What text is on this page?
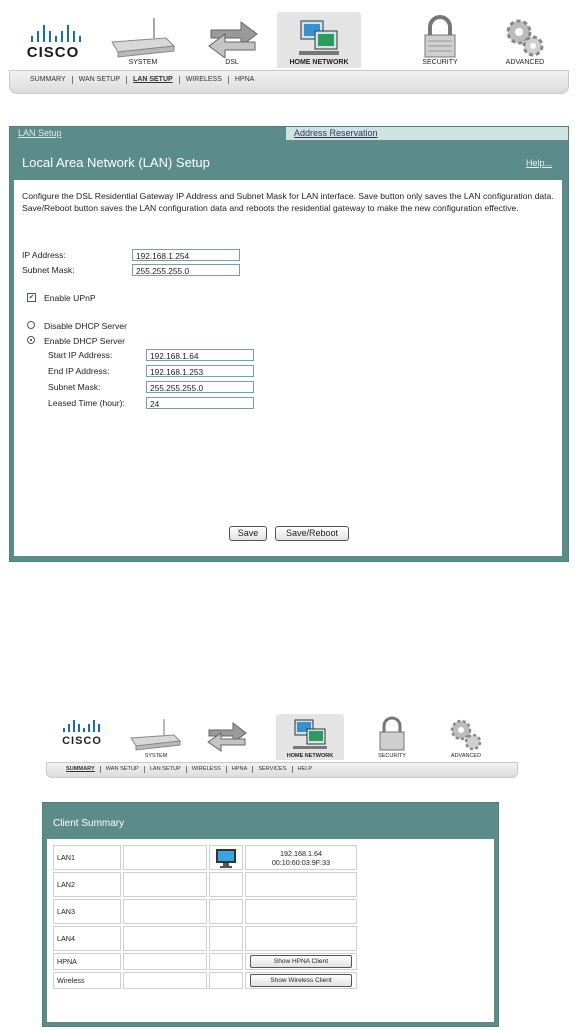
CISCO
SYSTEM	DSL	HOME NETWORK	SECURITY	ADVANCED
SUMMARY	WAN SETUP	LAN SETUP	WIRELESS	HPNA
LAN Setup	Address Reservation
Local Area Network (LAN) Setup	Help...
Configure the DSL Residential Gateway IP Address and Subnet Mask for LAN interface. Save button only saves the LAN configuration data. Save/Reboot button saves the LAN configuration data and reboots the residential gateway to make the new configuration effective.
IP Address:	192.168.1.254
Subnet Mask:	255.255.255.0
✔ Enable UPnP
Disable DHCP Server
Enable DHCP Server
Start IP Address:	192.168.1.64
End IP Address:	192.168.1.253
Subnet Mask:	255.255.255.0
Leased Time (hour):	24
Save	Save/Reboot
CISCO
SYSTEM	HOME NETWORK	SECURITY	ADVANCED
SUMMARY	WAN SETUP	LAN SETUP	WIRELESS	HPNA	SERVICES	HELP
Client Summary
LAN1			192.168.1.64
00:10:60:03:9F:33

LAN2			
LAN3			
LAN4			
HPNA			Show HPNA Client
Wireless			Show Wireless Client
